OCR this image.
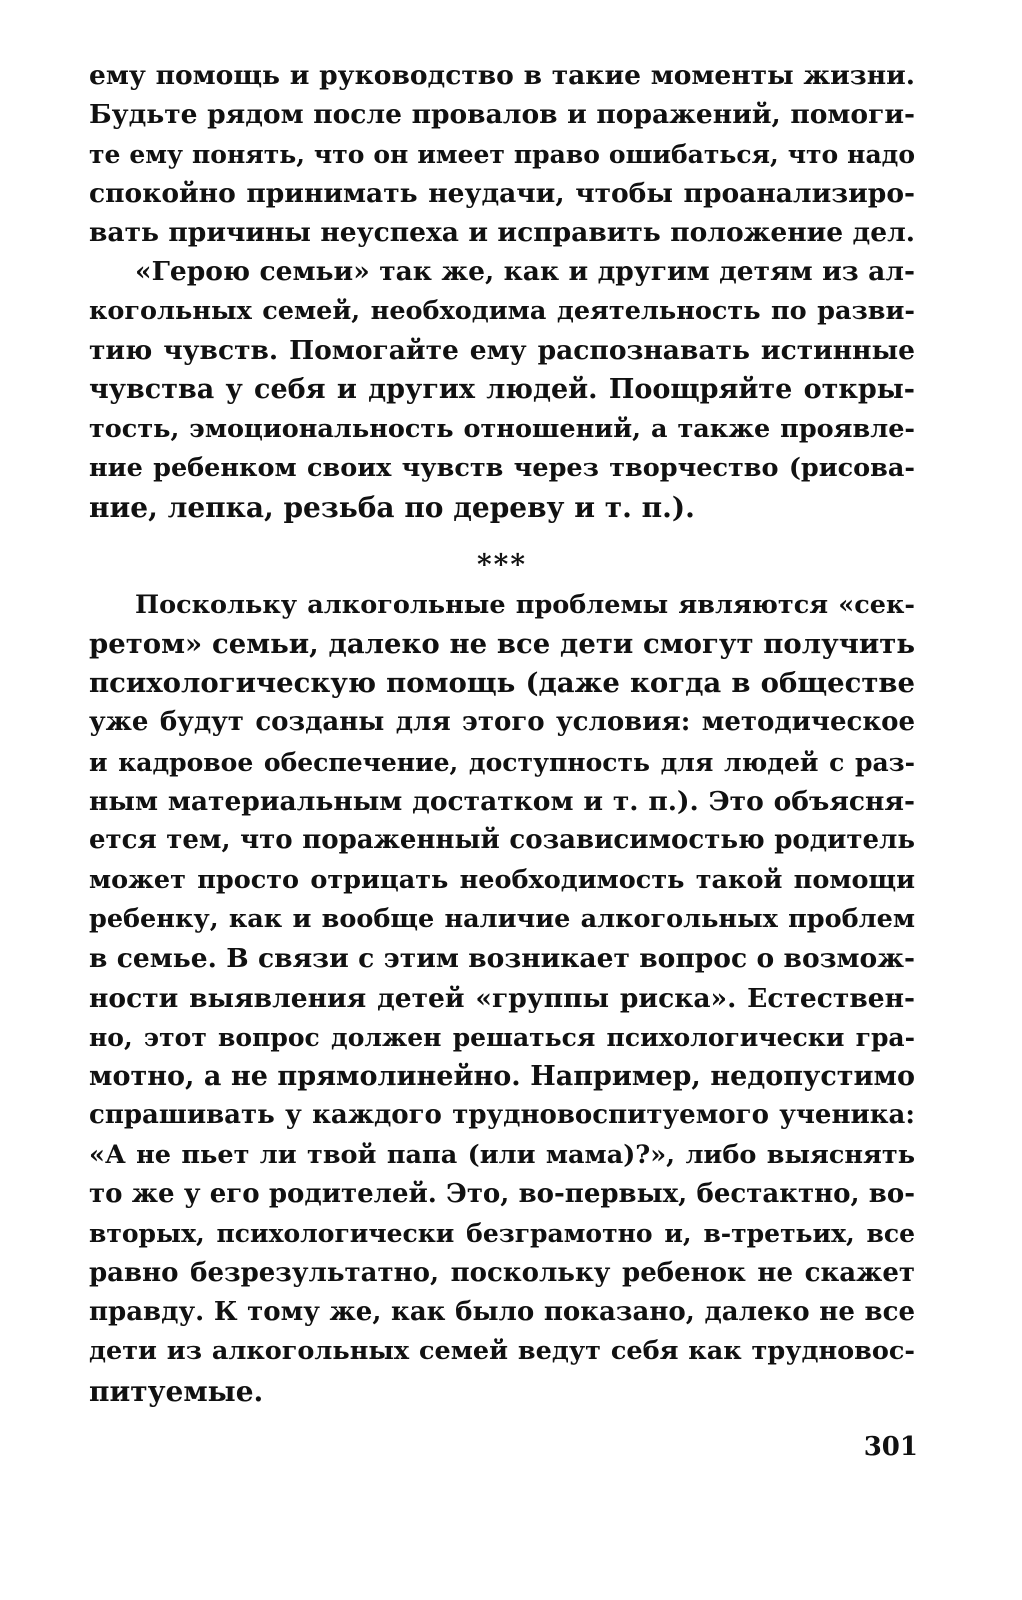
ему помощь и руководство в такие моменты жизни.
Будьте рядом после провалов и поражений, помоги-
те ему понять, что он имеет право ошибаться, что надо
спокойно принимать неудачи, чтобы проанализиро-
вать причины неуспеха и исправить положение дел.
«Герою семьи» так же, как и другим детям из ал-
когольных семей, необходима деятельность по разви-
тию чувств. Помогайте ему распознавать истинные
чувства у себя и других людей. Поощряйте откры-
тость, эмоциональность отношений, а также проявле-
ние ребенком своих чувств через творчество (рисова-
ние, лепка, резьба по дереву и т. п.).
***
Поскольку алкогольные проблемы являются «сек-
ретом» семьи, далеко не все дети смогут получить
психологическую помощь (даже когда в обществе
уже будут созданы для этого условия: методическое
и кадровое обеспечение, доступность для людей с раз-
ным материальным достатком и т. п.). Это объясня-
ется тем, что пораженный созависимостью родитель
может просто отрицать необходимость такой помощи
ребенку, как и вообще наличие алкогольных проблем
в семье. В связи с этим возникает вопрос о возмож-
ности выявления детей «группы риска». Естествен-
но, этот вопрос должен решаться психологически гра-
мотно, а не прямолинейно. Например, недопустимо
спрашивать у каждого трудновоспитуемого ученика:
«А не пьет ли твой папа (или мама)?», либо выяснять
то же у его родителей. Это, во-первых, бестактно, во-
вторых, психологически безграмотно и, в-третьих, все
равно безрезультатно, поскольку ребенок не скажет
правду. К тому же, как было показано, далеко не все
дети из алкогольных семей ведут себя как трудновос-
питуемые.
301
